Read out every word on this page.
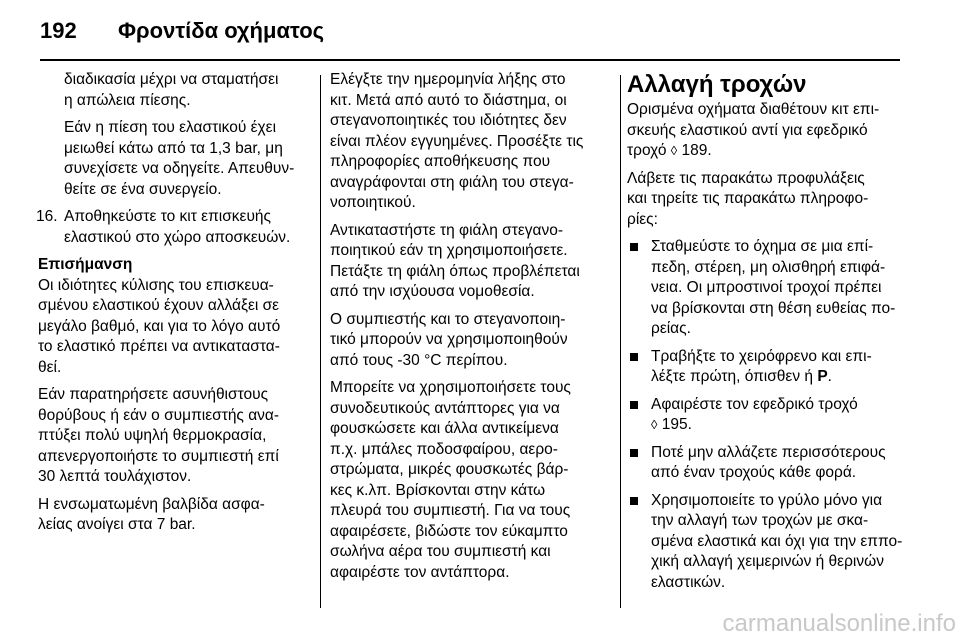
192 Φροντίδα οχήματος
διαδικασία μέχρι να σταματήσει
η απώλεια πίεσης.
Εάν η πίεση του ελαστικού έχει
μειωθεί κάτω από τα 1,3 bar, μη
συνεχίσετε να οδηγείτε. Απευθυν-
θείτε σε ένα συνεργείο.
16. Αποθηκεύστε το κιτ επισκευής
ελαστικού στο χώρο αποσκευών.
Επισήμανση
Οι ιδιότητες κύλισης του επισκευα-
σμένου ελαστικού έχουν αλλάξει σε
μεγάλο βαθμό, και για το λόγο αυτό
το ελαστικό πρέπει να αντικαταστα-
θεί.
Εάν παρατηρήσετε ασυνήθιστους
θορύβους ή εάν ο συμπιεστής ανα-
πτύξει πολύ υψηλή θερμοκρασία,
απενεργοποιήστε το συμπιεστή επί
30 λεπτά τουλάχιστον.
Η ενσωματωμένη βαλβίδα ασφα-
λείας ανοίγει στα 7 bar.
Ελέγξτε την ημερομηνία λήξης στο
κιτ. Μετά από αυτό το διάστημα, οι
στεγανοποιητικές του ιδιότητες δεν
είναι πλέον εγγυημένες. Προσέξτε τις
πληροφορίες αποθήκευσης που
αναγράφονται στη φιάλη του στεγα-
νοποιητικού.
Αντικαταστήστε τη φιάλη στεγανο-
ποιητικού εάν τη χρησιμοποιήσετε.
Πετάξτε τη φιάλη όπως προβλέπεται
από την ισχύουσα νομοθεσία.
Ο συμπιεστής και το στεγανοποιη-
τικό μπορούν να χρησιμοποιηθούν
από τους -30 °C περίπου.
Μπορείτε να χρησιμοποιήσετε τους
συνοδευτικούς αντάπτορες για να
φουσκώσετε και άλλα αντικείμενα
π.χ. μπάλες ποδοσφαίρου, αερο-
στρώματα, μικρές φουσκωτές βάρ-
κες κ.λπ. Βρίσκονται στην κάτω
πλευρά του συμπιεστή. Για να τους
αφαιρέσετε, βιδώστε τον εύκαμπτο
σωλήνα αέρα του συμπιεστή και
αφαιρέστε τον αντάπτορα.
Αλλαγή τροχών
Ορισμένα οχήματα διαθέτουν κιτ επι-
σκευής ελαστικού αντί για εφεδρικό
τροχό ◊ 189.
Λάβετε τις παρακάτω προφυλάξεις
και τηρείτε τις παρακάτω πληροφο-
ρίες:
Σταθμεύστε το όχημα σε μια επί-
πεδη, στέρεη, μη ολισθηρή επιφά-
νεια. Οι μπροστινοί τροχοί πρέπει
να βρίσκονται στη θέση ευθείας πο-
ρείας.
Τραβήξτε το χειρόφρενο και επι-
λέξτε πρώτη, όπισθεν ή P.
Αφαιρέστε τον εφεδρικό τροχό
◊ 195.
Ποτέ μην αλλάζετε περισσότερους
από έναν τροχούς κάθε φορά.
Χρησιμοποιείτε το γρύλο μόνο για
την αλλαγή των τροχών με σκα-
σμένα ελαστικά και όχι για την εππο-
χική αλλαγή χειμερινών ή θερινών
ελαστικών.
carmanualsonline.info
